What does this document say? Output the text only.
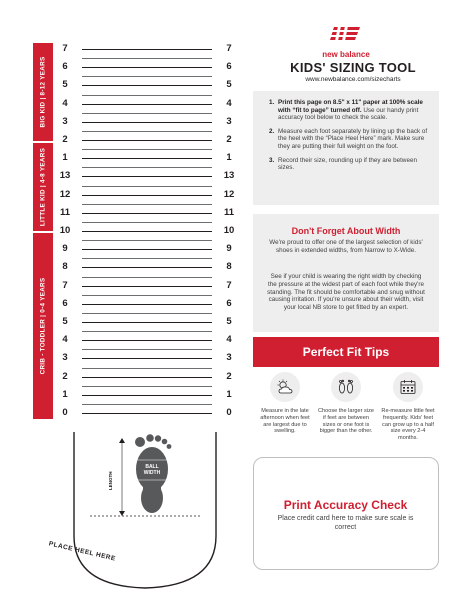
BIG KID | 8-12 YEARS
LITTLE KID | 4-8 YEARS
CRIB - TODDLER | 0-4 YEARS
7	7
6	6
5	5
4	4
3	3
2	2
1	1
13	13
12	12
11	11
10	10
9	9
8	8
7	7
6	6
5	5
4	4
3	3
2	2
1	1
0	0
LENGTH
BALL
WIDTH
PLACE HEEL HERE
new balance
KIDS' SIZING TOOL
www.newbalance.com/sizecharts
1. Print this page on 8.5" x 11" paper at 100% scale with “fit to page” turned off. Use our handy print accuracy tool below to check the scale.
2. Measure each foot separately by lining up the back of the heel with the “Place Heel Here” mark. Make sure they are putting their full weight on the foot.
3. Record their size, rounding up if they are between sizes.
Don't Forget About Width
We're proud to offer one of the largest selection of kids' shoes in extended widths, from Narrow to X-Wide.
See if your child is wearing the right width by checking the pressure at the widest part of each foot while they're standing. The fit should be comfortable and snug without causing irritation. If you're unsure about their width, visit your local NB store to get fitted by an expert.
Perfect Fit Tips
Measure in the late afternoon when feet are largest due to swelling.
Choose the larger size if feet are between sizes or one foot is bigger than the other.
Re-measure little feet frequently. Kids' feet can grow up to a half size every 2-4 months.
Print Accuracy Check
Place credit card here to make sure scale is correct
